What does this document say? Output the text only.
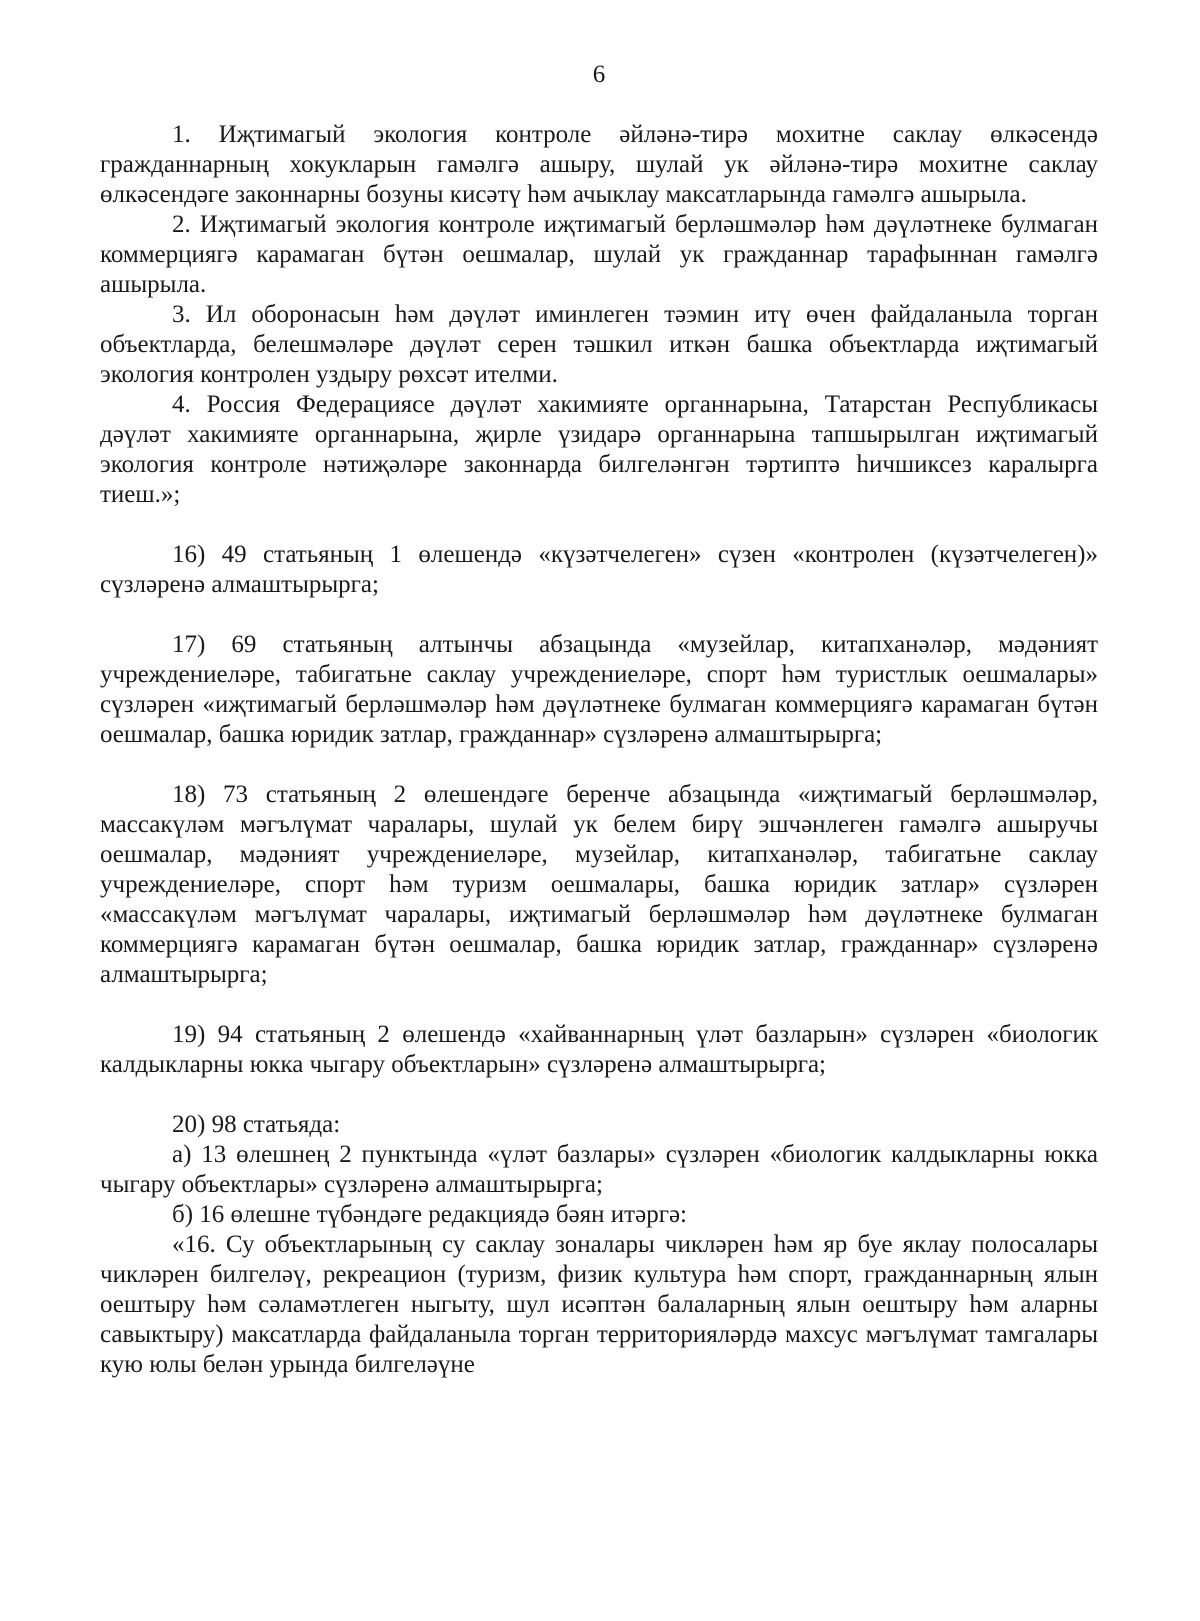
6

1. Иҗтимагый экология контроле әйләнә-тирә мохитне саклау өлкәсендә гражданнарның хокукларын гамәлгә ашыру, шулай ук әйләнә-тирә мохитне саклау өлкәсендәге законнарны бозуны кисәтү һәм ачыклау максатларында гамәлгә ашырыла.

2. Иҗтимагый экология контроле иҗтимагый берләшмәләр һәм дәүләтнеке булмаган коммерциягә карамаган бүтән оешмалар, шулай ук гражданнар тарафыннан гамәлгә ашырыла.

3. Ил оборонасын һәм дәүләт иминлеген тәэмин итү өчен файдаланыла торган объектларда, белешмәләре дәүләт серен тәшкил иткән башка объектларда иҗтимагый экология контролен уздыру рөхсәт ителми.

4. Россия Федерациясе дәүләт хакимияте органнарына, Татарстан Республикасы дәүләт хакимияте органнарына, җирле үзидарә органнарына тапшырылган иҗтимагый экология контроле нәтиҗәләре законнарда билгеләнгән тәртиптә һичшиксез каралырга тиеш.»;

16) 49 статьяның 1 өлешендә «күзәтчелеген» сүзен «контролен (күзәтчелеген)» сүзләренә алмаштырырга;

17) 69 статьяның алтынчы абзацында «музейлар, китапханәләр, мәдәният учреждениеләре, табигатьне саклау учреждениеләре, спорт һәм туристлык оешмалары» сүзләрен «иҗтимагый берләшмәләр һәм дәүләтнеке булмаган коммерциягә карамаган бүтән оешмалар, башка юридик затлар, гражданнар» сүзләренә алмаштырырга;

18) 73 статьяның 2 өлешендәге беренче абзацында «иҗтимагый берләшмәләр, массакүләм мәгълүмат чаралары, шулай ук белем бирү эшчәнлеген гамәлгә ашыручы оешмалар, мәдәният учреждениеләре, музейлар, китапханәләр, табигатьне саклау учреждениеләре, спорт һәм туризм оешмалары, башка юридик затлар» сүзләрен «массакүләм мәгълүмат чаралары, иҗтимагый берләшмәләр һәм дәүләтнеке булмаган коммерциягә карамаган бүтән оешмалар, башка юридик затлар, гражданнар» сүзләренә алмаштырырга;

19) 94 статьяның 2 өлешендә «хайваннарның үләт базларын» сүзләрен «биологик калдыкларны юкка чыгару объектларын» сүзләренә алмаштырырга;

20) 98 статьяда:

а) 13 өлешнең 2 пунктында «үләт базлары» сүзләрен «биологик калдыкларны юкка чыгару объектлары» сүзләренә алмаштырырга;

б) 16 өлешне түбәндәге редакциядә бәян итәргә:

«16. Су объектларының су саклау зоналары чикләрен һәм яр буе яклау полосалары чикләрен билгеләү, рекреацион (туризм, физик культура һәм спорт, гражданнарның ялын оештыру һәм сәламәтлеген ныгыту, шул исәптән балаларның ялын оештыру һәм аларны савыктыру) максатларда файдаланыла торган территорияләрдә махсус мәгълүмат тамгалары кую юлы белән урында билгеләүне
